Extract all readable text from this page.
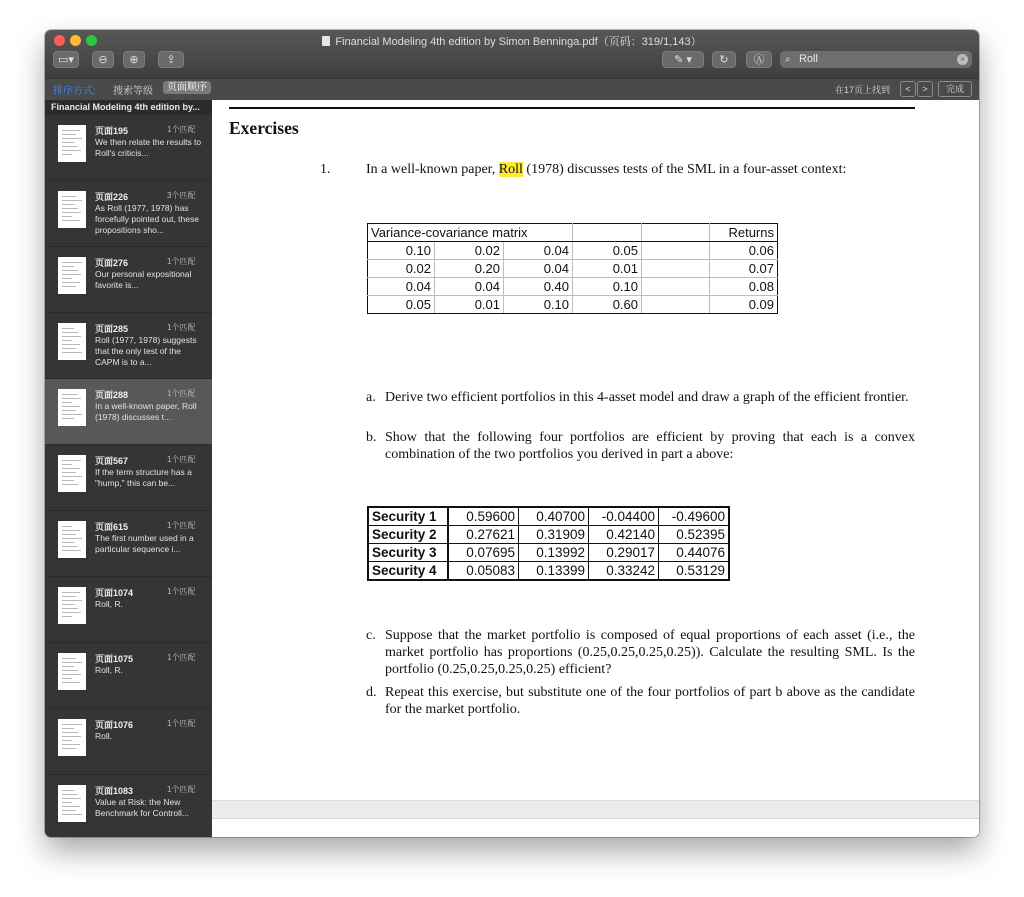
Financial Modeling 4th edition by Simon Benninga.pdf（页码：319/1,143）
▭▾	⊖	⊕	⇪	✎ ▾	↻	Ⓐ	⌕ Roll	×
排序方式: 搜索等级	页面顺序	在17页上找到	<	>	完成
Financial Modeling 4th edition by...
页面195	1个匹配
We then relate the results to Roll's criticis...
页面226	3个匹配
As Roll (1977, 1978) has forcefully pointed out, these propositions sho...
页面276	1个匹配
Our personal expositional favorite is...
页面285	1个匹配
Roll (1977, 1978) suggests that the only test of the CAPM is to a...
页面288	1个匹配
In a well-known paper, Roll (1978) discusses t...
页面567	1个匹配
If the term structure has a "hump," this can be...
页面615	1个匹配
The first number used in a particular sequence i...
页面1074	1个匹配
Roll, R.
页面1075	1个匹配
Roll, R.
页面1076	1个匹配
Roll.
页面1083	1个匹配
Value at Risk: the New Benchmark for Controll...
Exercises
1.	In a well-known paper, Roll (1978) discusses tests of the SML in a four-asset context:
Variance-covariance matrix					Returns
0.10	0.02	0.04	0.05		0.06
0.02	0.20	0.04	0.01		0.07
0.04	0.04	0.40	0.10		0.08
0.05	0.01	0.10	0.60		0.09
a. Derive two efficient portfolios in this 4-asset model and draw a graph of the efficient frontier.
b. Show that the following four portfolios are efficient by proving that each is a convex combination of the two portfolios you derived in part a above:
Security 1	0.59600	0.40700	-0.04400	-0.49600
Security 2	0.27621	0.31909	0.42140	0.52395
Security 3	0.07695	0.13992	0.29017	0.44076
Security 4	0.05083	0.13399	0.33242	0.53129
c. Suppose that the market portfolio is composed of equal proportions of each asset (i.e., the market portfolio has proportions (0.25,0.25,0.25,0.25)). Calculate the resulting SML. Is the portfolio (0.25,0.25,0.25,0.25) efficient?
d. Repeat this exercise, but substitute one of the four portfolios of part b above as the candidate for the market portfolio.
